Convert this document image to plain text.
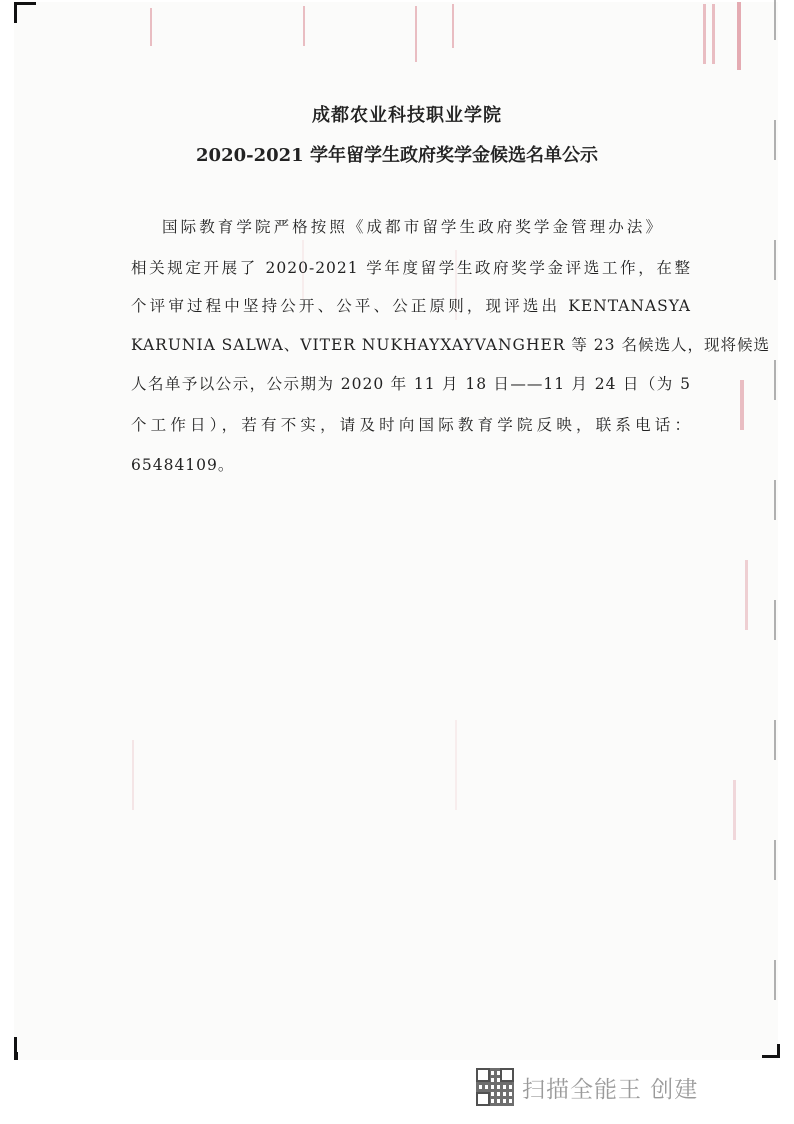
成都农业科技职业学院
2020-2021 学年留学生政府奖学金候选名单公示
国际教育学院严格按照《成都市留学生政府奖学金管理办法》
相关规定开展了 2020-2021 学年度留学生政府奖学金评选工作，在整
个评审过程中坚持公开、公平、公正原则，现评选出 KENTANASYA
KARUNIA SALWA、VITER NUKHAYXAYVANGHER 等 23 名候选人，现将候选
人名单予以公示，公示期为 2020 年 11 月 18 日——11 月 24 日（为 5
个工作日），若有不实，请及时向国际教育学院反映，联系电话：
65484109。
扫描全能王 创建
